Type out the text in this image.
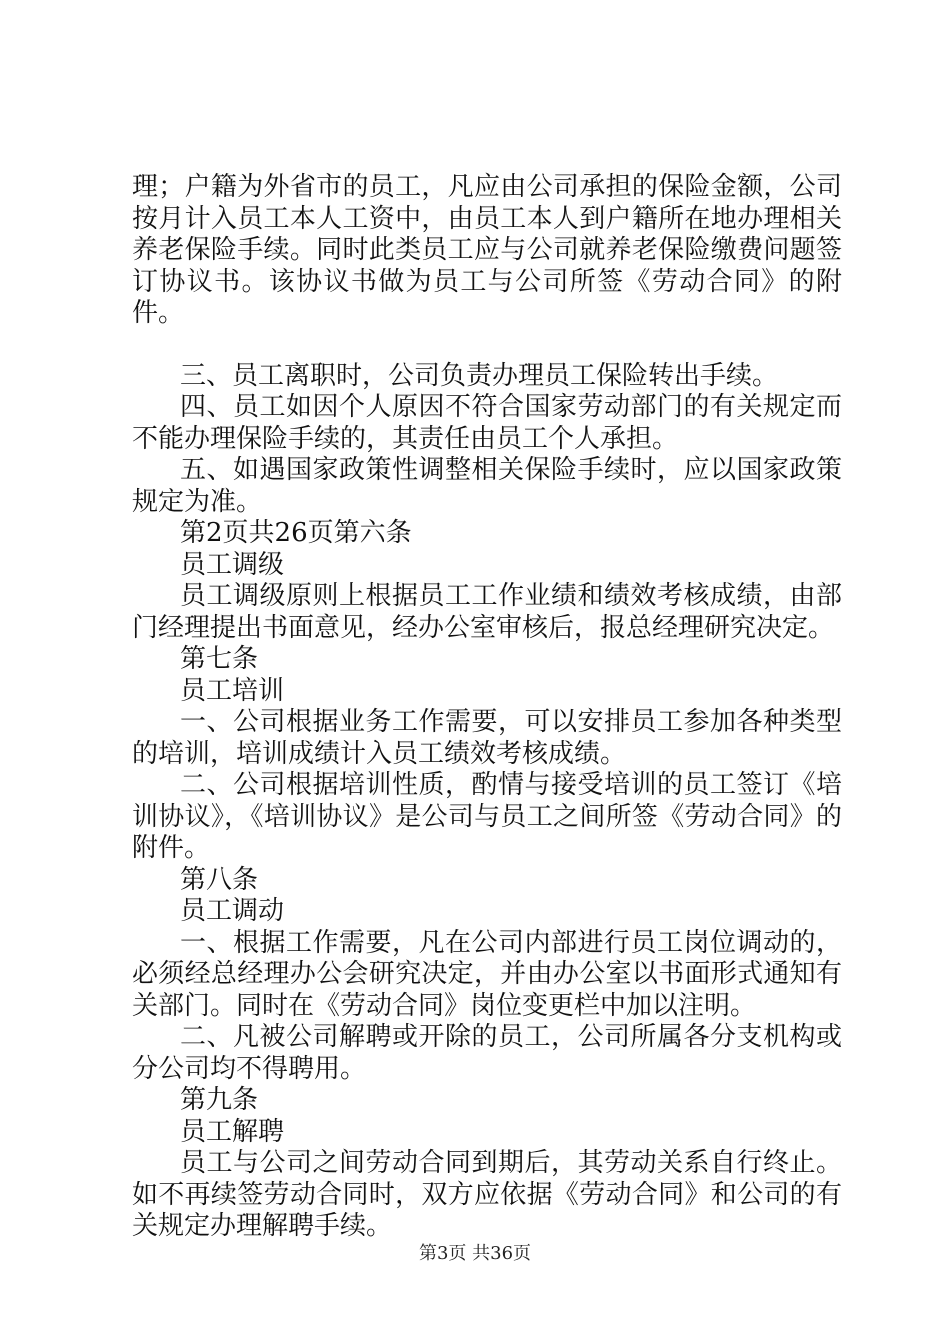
理；户籍为外省市的员工，凡应由公司承担的保险金额，公司按月计入员工本人工资中，由员工本人到户籍所在地办理相关养老保险手续。同时此类员工应与公司就养老保险缴费问题签订协议书。该协议书做为员工与公司所签《劳动合同》的附件。

三、员工离职时，公司负责办理员工保险转出手续。

四、员工如因个人原因不符合国家劳动部门的有关规定而不能办理保险手续的，其责任由员工个人承担。

五、如遇国家政策性调整相关保险手续时，应以国家政策规定为准。

第2页共26页第六条

员工调级

员工调级原则上根据员工工作业绩和绩效考核成绩，由部门经理提出书面意见，经办公室审核后，报总经理研究决定。

第七条

员工培训

一、公司根据业务工作需要，可以安排员工参加各种类型的培训，培训成绩计入员工绩效考核成绩。

二、公司根据培训性质，酌情与接受培训的员工签订《培训协议》，《培训协议》是公司与员工之间所签《劳动合同》的附件。

第八条

员工调动

一、根据工作需要，凡在公司内部进行员工岗位调动的，必须经总经理办公会研究决定，并由办公室以书面形式通知有关部门。同时在《劳动合同》岗位变更栏中加以注明。

二、凡被公司解聘或开除的员工，公司所属各分支机构或分公司均不得聘用。

第九条

员工解聘

员工与公司之间劳动合同到期后，其劳动关系自行终止。如不再续签劳动合同时，双方应依据《劳动合同》和公司的有关规定办理解聘手续。

第3页 共36页
